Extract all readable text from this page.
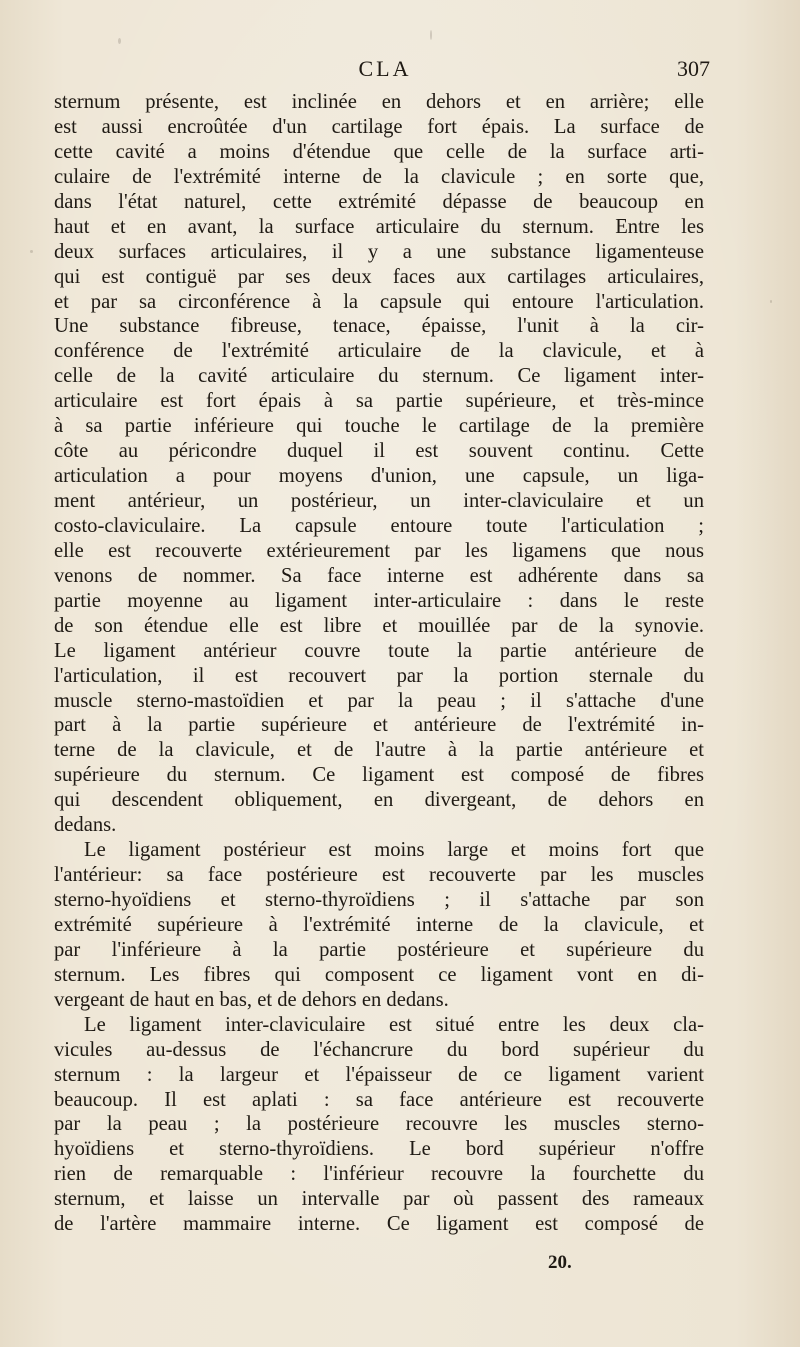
CLA	307
sternum présente, est inclinée en dehors et en arrière; elle
est aussi encroûtée d'un cartilage fort épais. La surface de
cette cavité a moins d'étendue que celle de la surface arti-
culaire de l'extrémité interne de la clavicule ; en sorte que,
dans l'état naturel, cette extrémité dépasse de beaucoup en
haut et en avant, la surface articulaire du sternum. Entre les
deux surfaces articulaires, il y a une substance ligamenteuse
qui est contiguë par ses deux faces aux cartilages articulaires,
et par sa circonférence à la capsule qui entoure l'articulation.
Une substance fibreuse, tenace, épaisse, l'unit à la cir-
conférence de l'extrémité articulaire de la clavicule, et à
celle de la cavité articulaire du sternum. Ce ligament inter-
articulaire est fort épais à sa partie supérieure, et très-mince
à sa partie inférieure qui touche le cartilage de la première
côte au péricondre duquel il est souvent continu. Cette
articulation a pour moyens d'union, une capsule, un liga-
ment antérieur, un postérieur, un inter-claviculaire et un
costo-claviculaire. La capsule entoure toute l'articulation ;
elle est recouverte extérieurement par les ligamens que nous
venons de nommer. Sa face interne est adhérente dans sa
partie moyenne au ligament inter-articulaire : dans le reste
de son étendue elle est libre et mouillée par de la synovie.
Le ligament antérieur couvre toute la partie antérieure de
l'articulation, il est recouvert par la portion sternale du
muscle sterno-mastoïdien et par la peau ; il s'attache d'une
part à la partie supérieure et antérieure de l'extrémité in-
terne de la clavicule, et de l'autre à la partie antérieure et
supérieure du sternum. Ce ligament est composé de fibres
qui descendent obliquement, en divergeant, de dehors en
dedans.
Le ligament postérieur est moins large et moins fort que
l'antérieur: sa face postérieure est recouverte par les muscles
sterno-hyoïdiens et sterno-thyroïdiens ; il s'attache par son
extrémité supérieure à l'extrémité interne de la clavicule, et
par l'inférieure à la partie postérieure et supérieure du
sternum. Les fibres qui composent ce ligament vont en di-
vergeant de haut en bas, et de dehors en dedans.
Le ligament inter-claviculaire est situé entre les deux cla-
vicules au-dessus de l'échancrure du bord supérieur du
sternum : la largeur et l'épaisseur de ce ligament varient
beaucoup. Il est aplati : sa face antérieure est recouverte
par la peau ; la postérieure recouvre les muscles sterno-
hyoïdiens et sterno-thyroïdiens. Le bord supérieur n'offre
rien de remarquable : l'inférieur recouvre la fourchette du
sternum, et laisse un intervalle par où passent des rameaux
de l'artère mammaire interne. Ce ligament est composé de
20.
